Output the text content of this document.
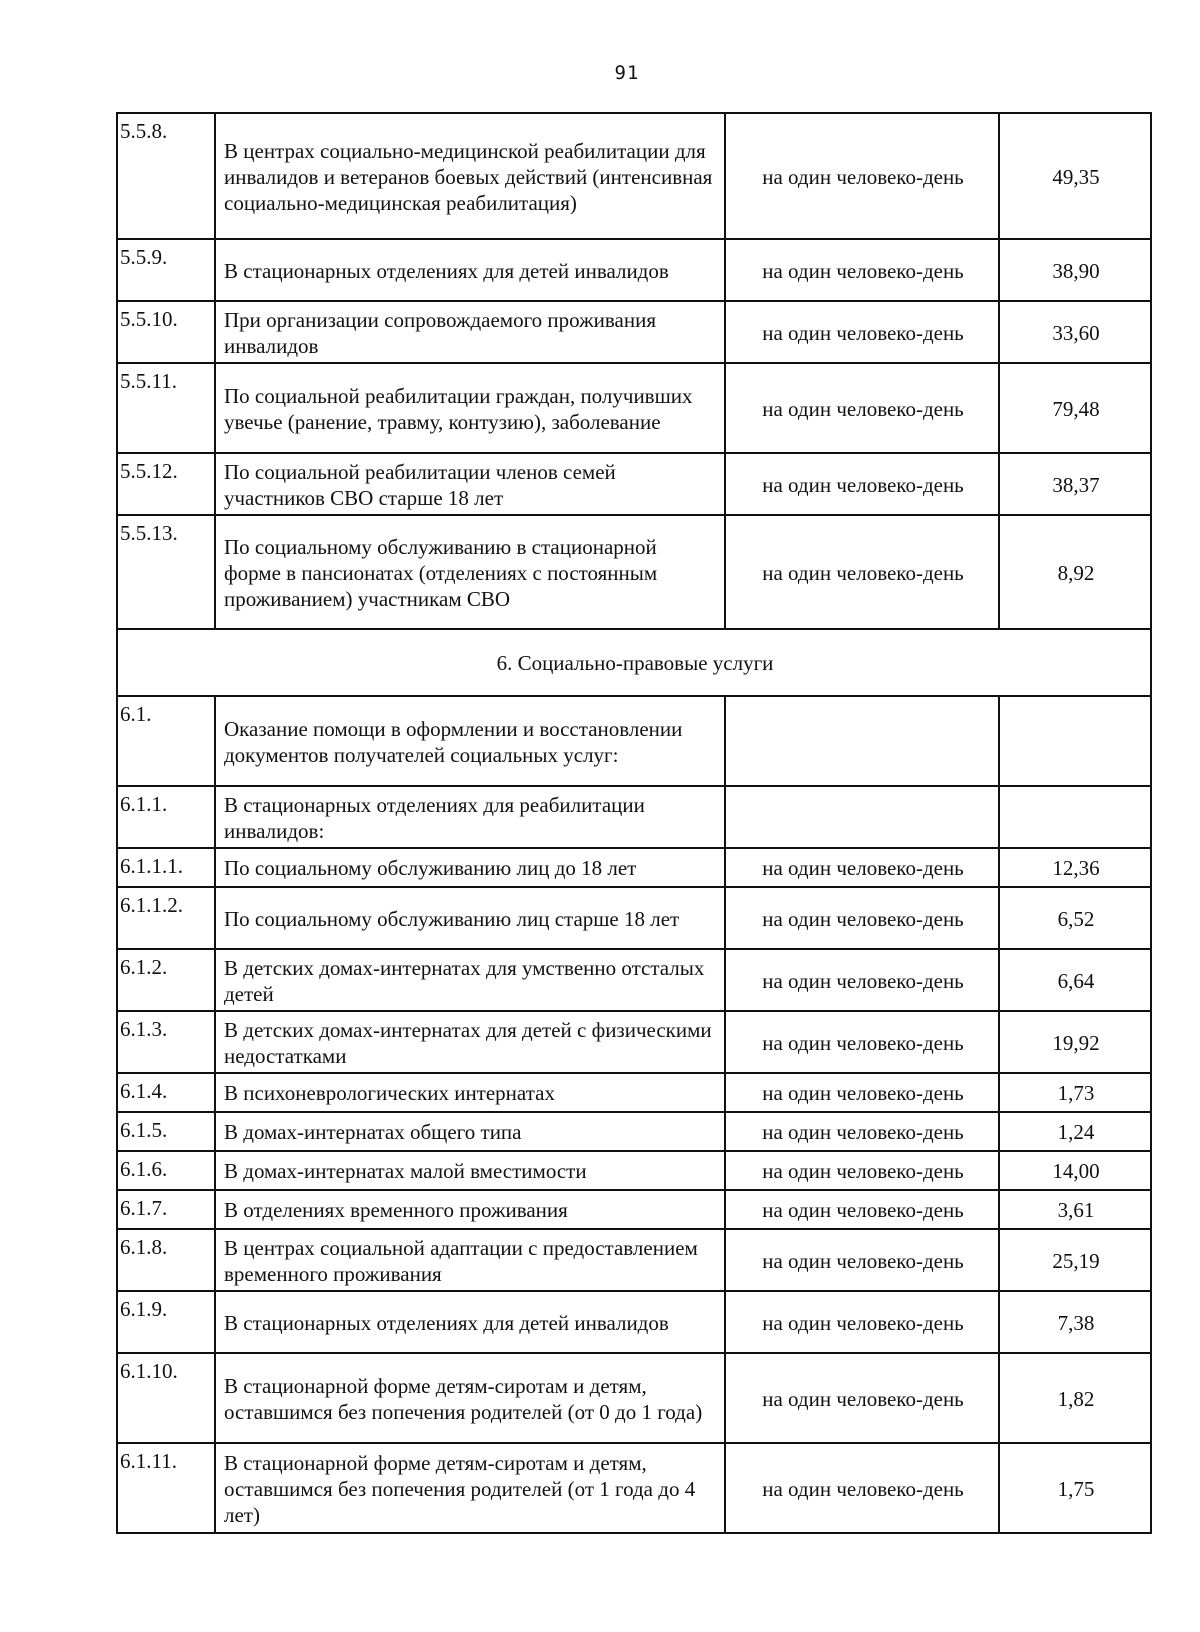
91
5.5.8.	В центрах социально-медицинской реабилитации для инвалидов и ветеранов боевых действий (интенсивная социально-медицинская реабилитация)	на один человеко-день	49,35
5.5.9.	В стационарных отделениях для детей инвалидов	на один человеко-день	38,90
5.5.10.	При организации сопровождаемого проживания инвалидов	на один человеко-день	33,60
5.5.11.	По социальной реабилитации граждан, получивших увечье (ранение, травму, контузию), заболевание	на один человеко-день	79,48
5.5.12.	По социальной реабилитации членов семей участников СВО старше 18 лет	на один человеко-день	38,37
5.5.13.	По социальному обслуживанию в стационарной форме в пансионатах (отделениях с постоянным проживанием) участникам СВО	на один человеко-день	8,92
6. Социально-правовые услуги			
6.1.	Оказание помощи в оформлении и восстановлении документов получателей социальных услуг:		
6.1.1.	В стационарных отделениях для реабилитации инвалидов:		
6.1.1.1.	По социальному обслуживанию лиц до 18 лет	на один человеко-день	12,36
6.1.1.2.	По социальному обслуживанию лиц старше 18 лет	на один человеко-день	6,52
6.1.2.	В детских домах-интернатах для умственно отсталых детей	на один человеко-день	6,64
6.1.3.	В детских домах-интернатах для детей с физическими недостатками	на один человеко-день	19,92
6.1.4.	В психоневрологических интернатах	на один человеко-день	1,73
6.1.5.	В домах-интернатах общего типа	на один человеко-день	1,24
6.1.6.	В домах-интернатах малой вместимости	на один человеко-день	14,00
6.1.7.	В отделениях временного проживания	на один человеко-день	3,61
6.1.8.	В центрах социальной адаптации с предоставлением временного проживания	на один человеко-день	25,19
6.1.9.	В стационарных отделениях для детей инвалидов	на один человеко-день	7,38
6.1.10.	В стационарной форме детям-сиротам и детям, оставшимся без попечения родителей (от 0 до 1 года)	на один человеко-день	1,82
6.1.11.	В стационарной форме детям-сиротам и детям, оставшимся без попечения родителей (от 1 года до 4 лет)	на один человеко-день	1,75
